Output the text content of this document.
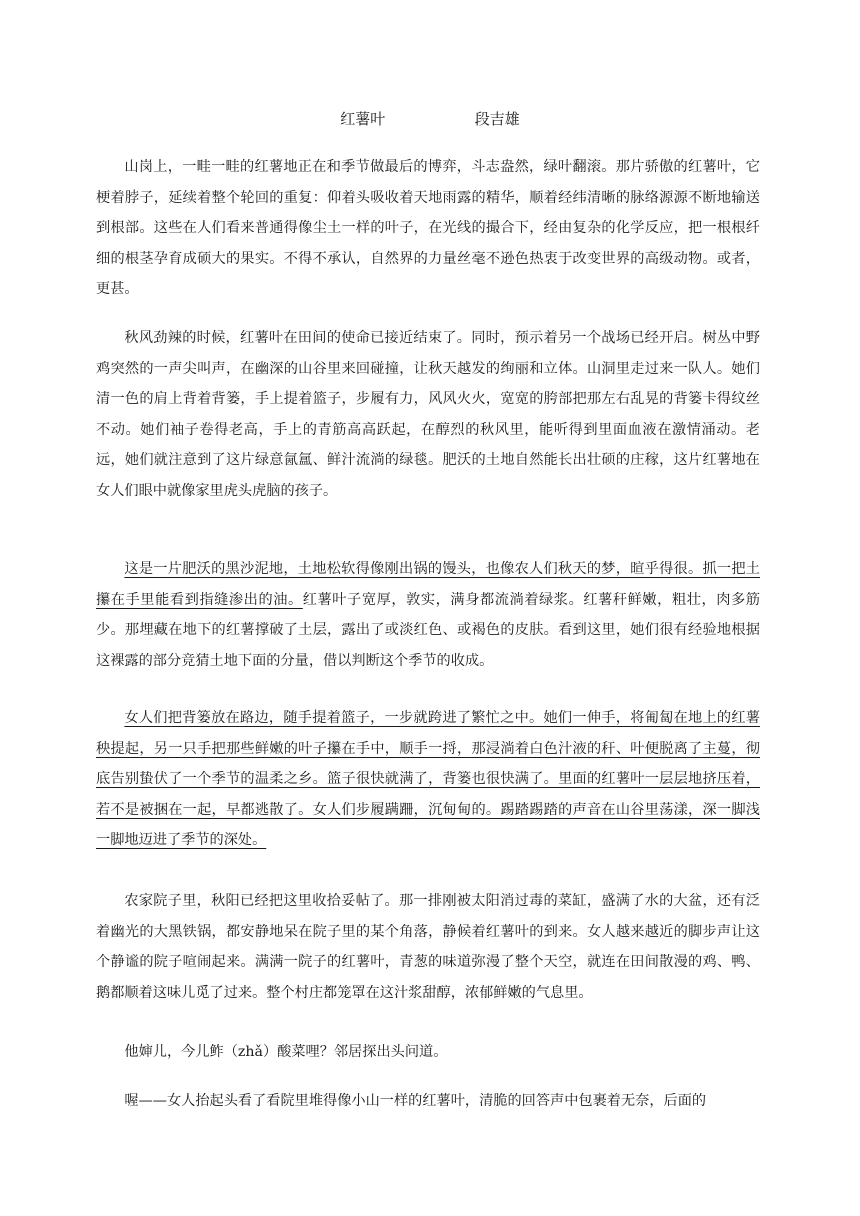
红薯叶	段吉雄

山岗上，一畦一畦的红薯地正在和季节做最后的博弈，斗志盎然，绿叶翻滚。那片骄傲的红薯叶，它梗着脖子，延续着整个轮回的重复：仰着头吸收着天地雨露的精华，顺着经纬清晰的脉络源源不断地输送到根部。这些在人们看来普通得像尘土一样的叶子，在光线的撮合下，经由复杂的化学反应，把一根根纤细的根茎孕育成硕大的果实。不得不承认，自然界的力量丝毫不逊色热衷于改变世界的高级动物。或者，更甚。

秋风劲辣的时候，红薯叶在田间的使命已接近结束了。同时，预示着另一个战场已经开启。树丛中野鸡突然的一声尖叫声，在幽深的山谷里来回碰撞，让秋天越发的绚丽和立体。山洞里走过来一队人。她们清一色的肩上背着背篓，手上提着篮子，步履有力，风风火火，宽宽的胯部把那左右乱晃的背篓卡得纹丝不动。她们袖子卷得老高，手上的青筋高高跃起，在醇烈的秋风里，能听得到里面血液在激情涌动。老远，她们就注意到了这片绿意氤氲、鲜汁流淌的绿毯。肥沃的土地自然能长出壮硕的庄稼，这片红薯地在女人们眼中就像家里虎头虎脑的孩子。

这是一片肥沃的黑沙泥地，土地松软得像刚出锅的馒头，也像农人们秋天的梦，暄乎得很。抓一把土攥在手里能看到指缝渗出的油。红薯叶子宽厚，敦实，满身都流淌着绿浆。红薯秆鲜嫩，粗壮，肉多筋少。那埋藏在地下的红薯撑破了土层，露出了或淡红色、或褐色的皮肤。看到这里，她们很有经验地根据这裸露的部分竞猜土地下面的分量，借以判断这个季节的收成。

女人们把背篓放在路边，随手提着篮子，一步就跨进了繁忙之中。她们一伸手，将匍匐在地上的红薯秧提起，另一只手把那些鲜嫩的叶子攥在手中，顺手一捋，那浸淌着白色汁液的秆、叶便脱离了主蔓，彻底告别蛰伏了一个季节的温柔之乡。篮子很快就满了，背篓也很快满了。里面的红薯叶一层层地挤压着，若不是被捆在一起，早都逃散了。女人们步履蹒跚，沉甸甸的。踢踏踢踏的声音在山谷里荡漾，深一脚浅一脚地迈进了季节的深处。

农家院子里，秋阳已经把这里收拾妥帖了。那一排刚被太阳消过毒的菜缸，盛满了水的大盆，还有泛着幽光的大黑铁锅，都安静地呆在院子里的某个角落，静候着红薯叶的到来。女人越来越近的脚步声让这个静谧的院子喧闹起来。满满一院子的红薯叶，青葱的味道弥漫了整个天空，就连在田间散漫的鸡、鸭、鹅都顺着这味儿觅了过来。整个村庄都笼罩在这汁浆甜醇，浓郁鲜嫩的气息里。

他婶儿，今儿鲊（zhǎ）酸菜哩？邻居探出头问道。

喔——女人抬起头看了看院里堆得像小山一样的红薯叶，清脆的回答声中包裹着无奈，后面的
